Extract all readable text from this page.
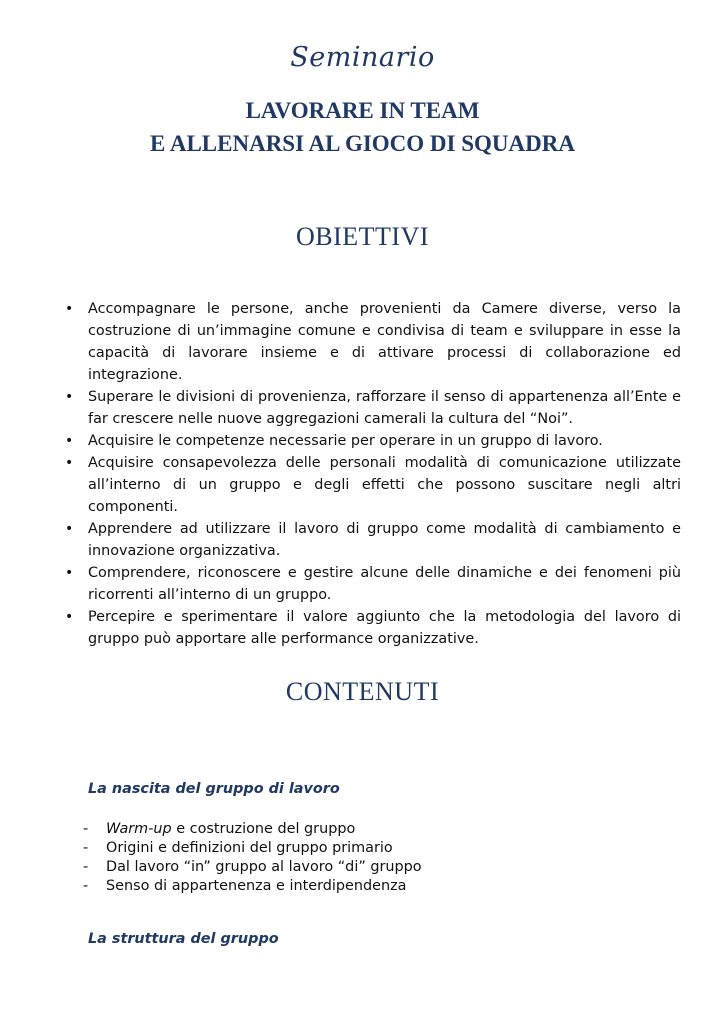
Seminario
LAVORARE IN TEAM
E ALLENARSI AL GIOCO DI SQUADRA
OBIETTIVI
• Accompagnare le persone, anche provenienti da Camere diverse, verso la costruzione di un’immagine comune e condivisa di team e sviluppare in esse la capacità di lavorare insieme e di attivare processi di collaborazione ed integrazione.
• Superare le divisioni di provenienza, rafforzare il senso di appartenenza all’Ente e far crescere nelle nuove aggregazioni camerali la cultura del “Noi”.
• Acquisire le competenze necessarie per operare in un gruppo di lavoro.
• Acquisire consapevolezza delle personali modalità di comunicazione utilizzate all’interno di un gruppo e degli effetti che possono suscitare negli altri componenti.
• Apprendere ad utilizzare il lavoro di gruppo come modalità di cambiamento e innovazione organizzativa.
• Comprendere, riconoscere e gestire alcune delle dinamiche e dei fenomeni più ricorrenti all’interno di un gruppo.
• Percepire e sperimentare il valore aggiunto che la metodologia del lavoro di gruppo può apportare alle performance organizzative.
CONTENUTI
La nascita del gruppo di lavoro
- Warm-up e costruzione del gruppo
- Origini e definizioni del gruppo primario
- Dal lavoro “in” gruppo al lavoro “di” gruppo
- Senso di appartenenza e interdipendenza
La struttura del gruppo
